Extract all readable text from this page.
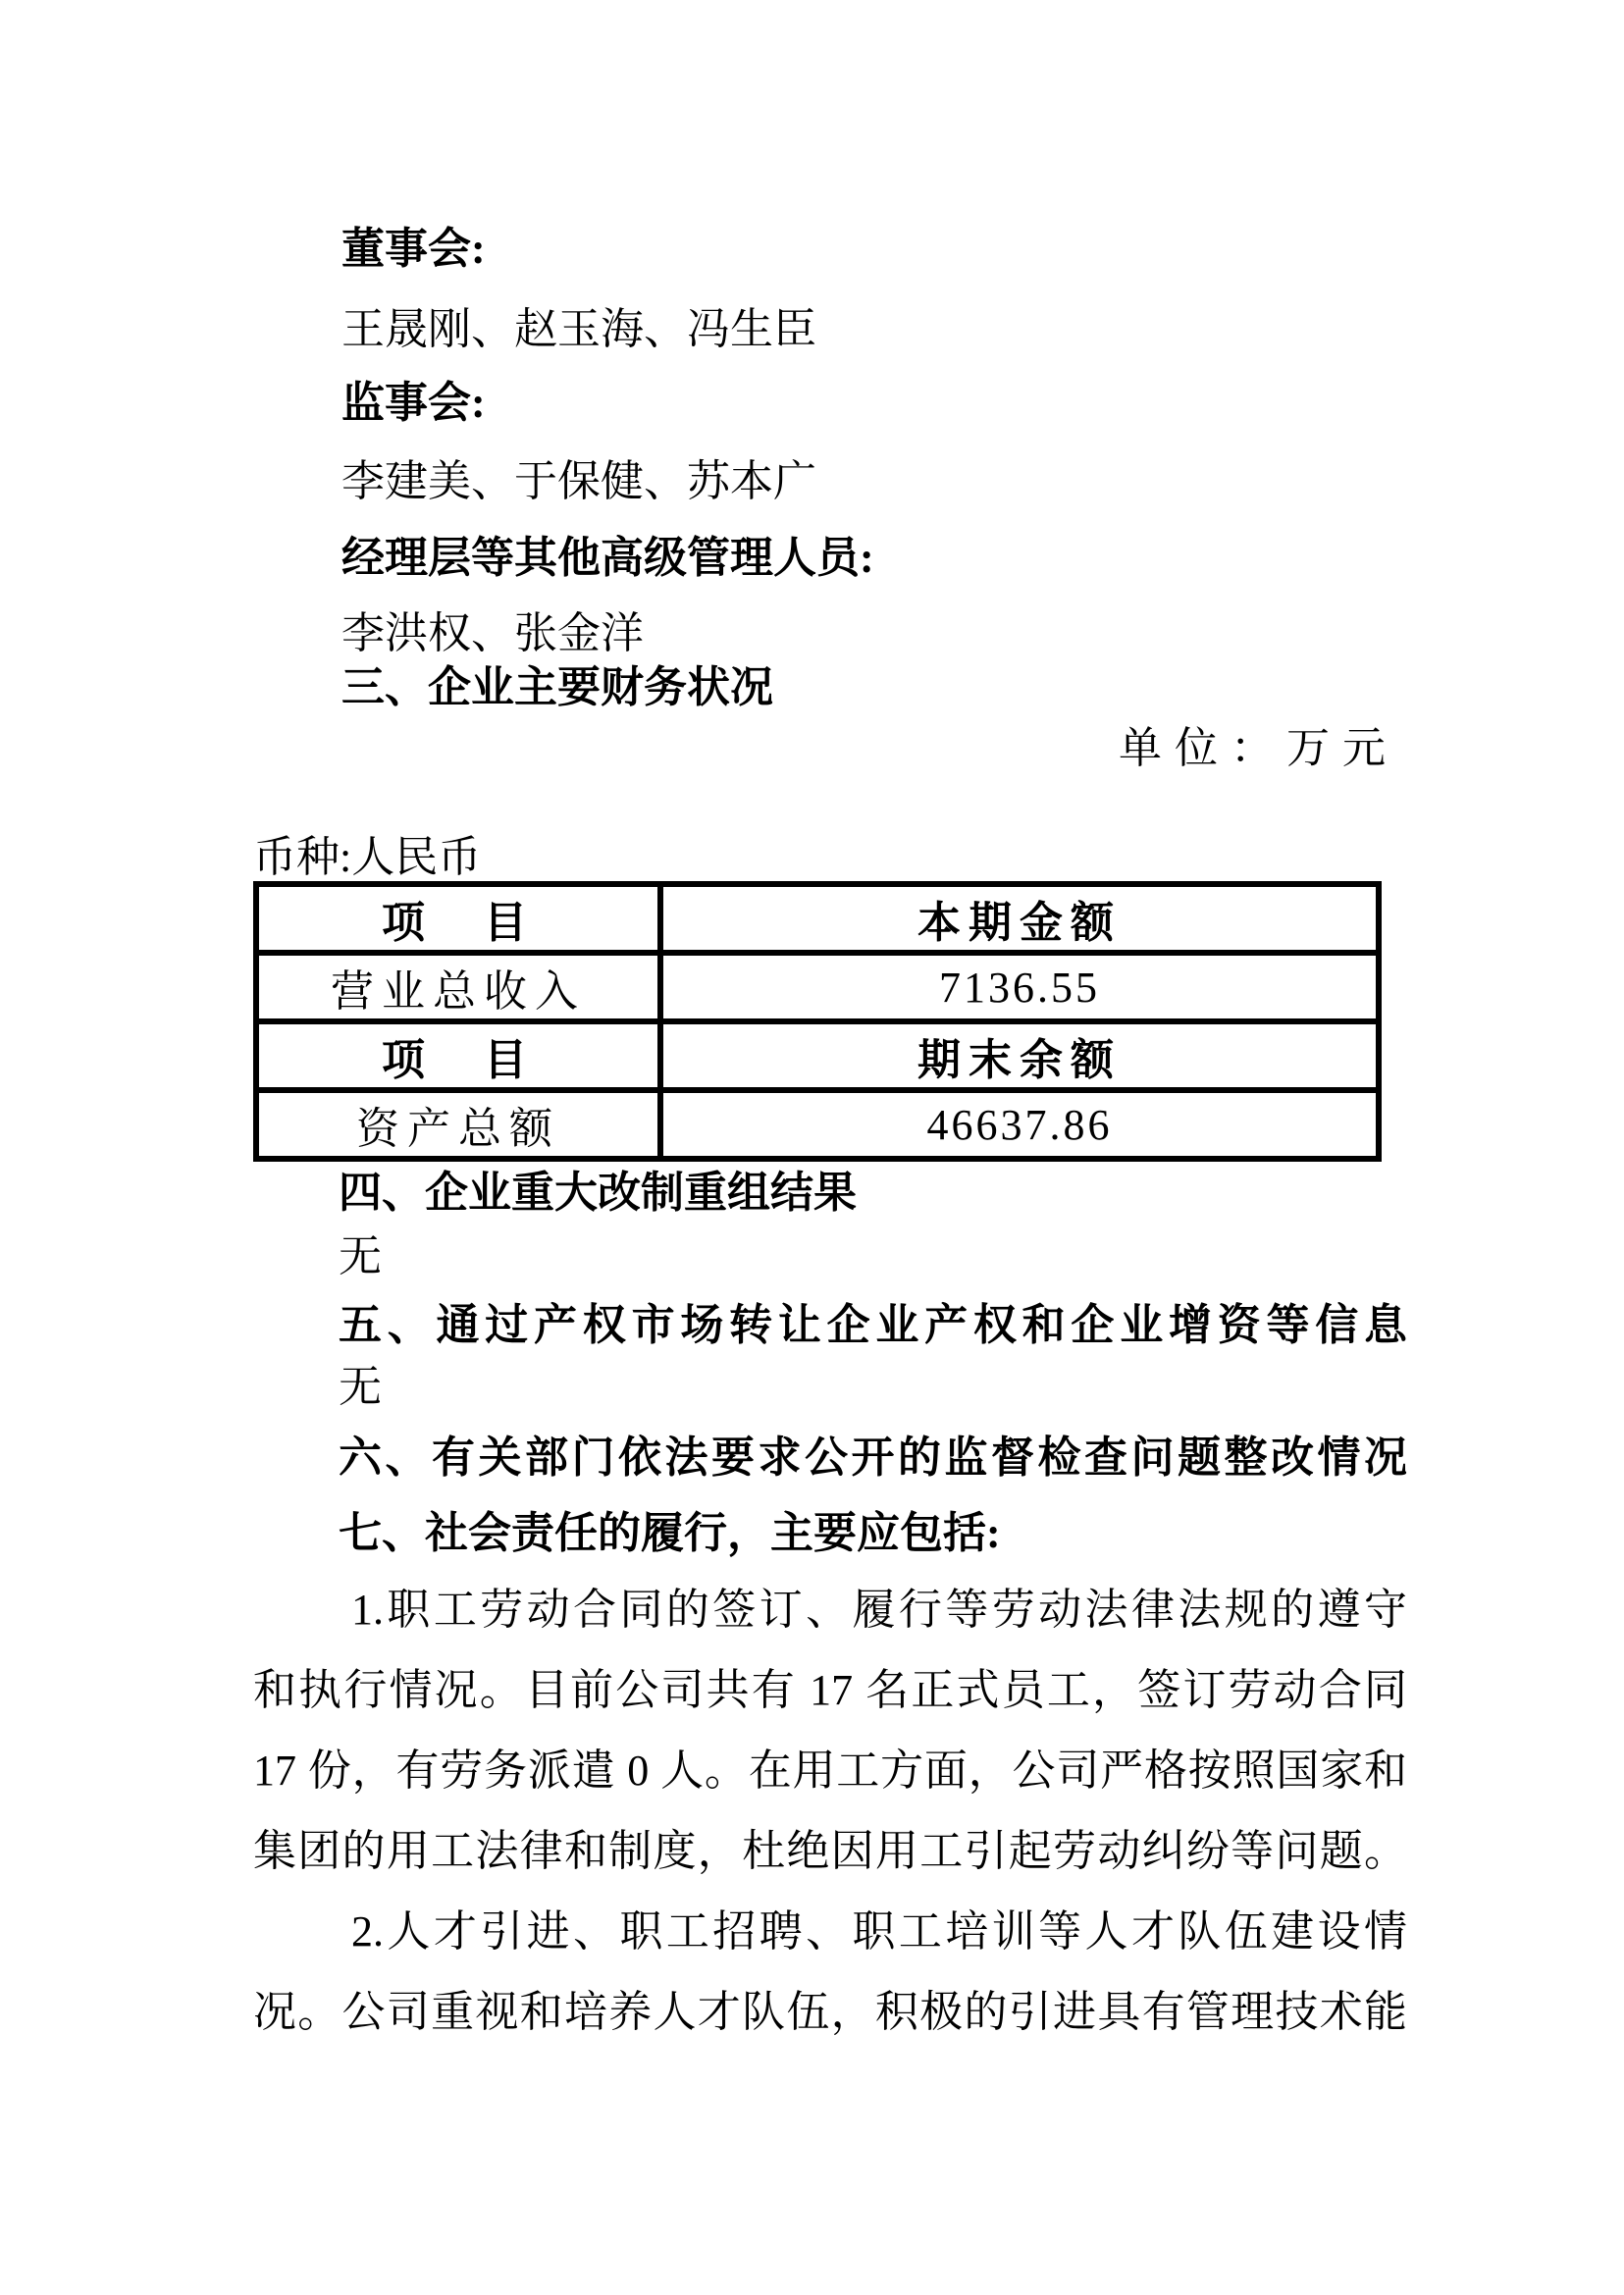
董事会:
王晟刚、赵玉海、冯生臣
监事会:
李建美、于保健、苏本广
经理层等其他高级管理人员:
李洪权、张金洋
三、企业主要财务状况
单位：万元
币种:人民币
项　目	本期金额
营业总收入	7136.55
项　目	期末余额
资产总额	46637.86
四、企业重大改制重组结果
无
五、通过产权市场转让企业产权和企业增资等信息
无
六、有关部门依法要求公开的监督检查问题整改情况
七、社会责任的履行，主要应包括:
1.职工劳动合同的签订、履行等劳动法律法规的遵守
和执行情况。目前公司共有 17 名正式员工，签订劳动合同
17 份，有劳务派遣 0 人。在用工方面，公司严格按照国家和
集团的用工法律和制度，杜绝因用工引起劳动纠纷等问题。
2.人才引进、职工招聘、职工培训等人才队伍建设情
况。公司重视和培养人才队伍，积极的引进具有管理技术能
